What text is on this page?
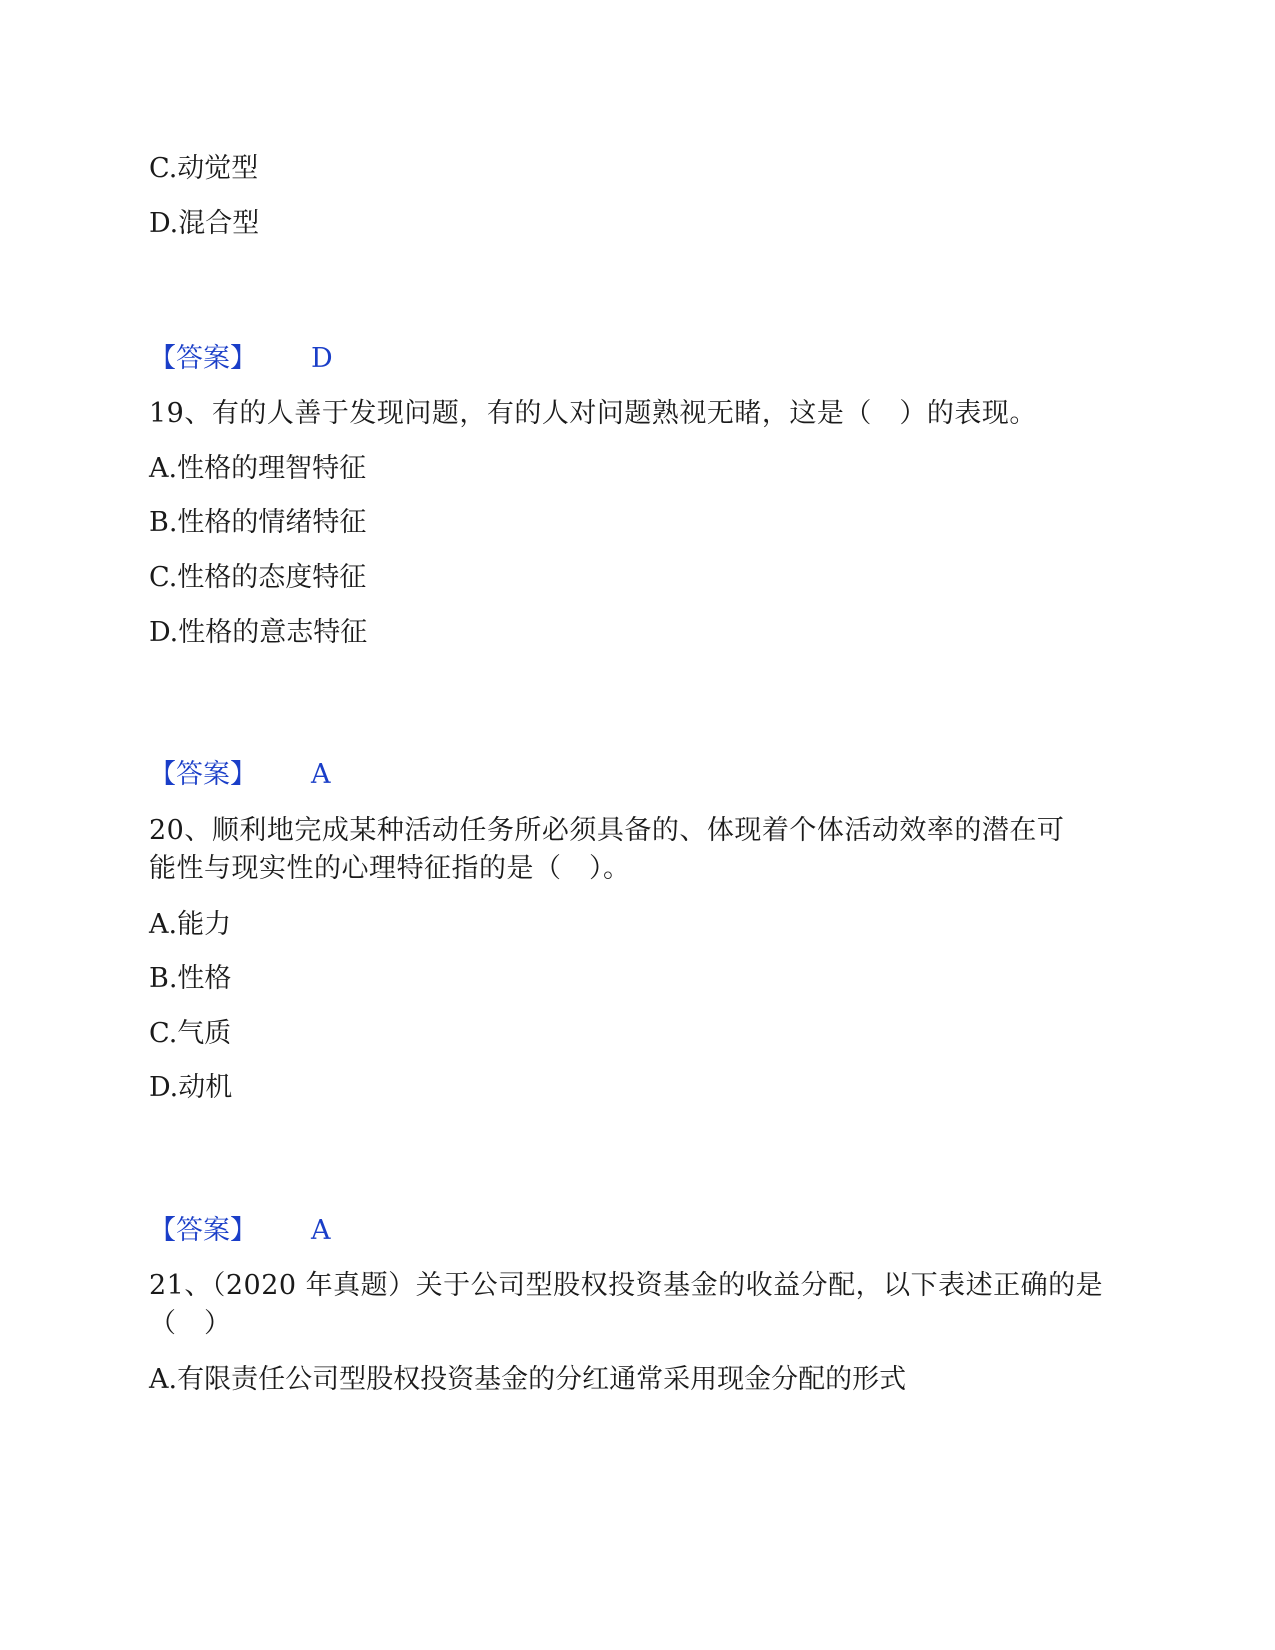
C.动觉型
D.混合型
【答案】 D
19、有的人善于发现问题，有的人对问题熟视无睹，这是（　）的表现。
A.性格的理智特征
B.性格的情绪特征
C.性格的态度特征
D.性格的意志特征
【答案】 A
20、顺利地完成某种活动任务所必须具备的、体现着个体活动效率的潜在可
能性与现实性的心理特征指的是（　）。
A.能力
B.性格
C.气质
D.动机
【答案】 A
21、（2020 年真题）关于公司型股权投资基金的收益分配，以下表述正确的是
（　）
A.有限责任公司型股权投资基金的分红通常采用现金分配的形式
